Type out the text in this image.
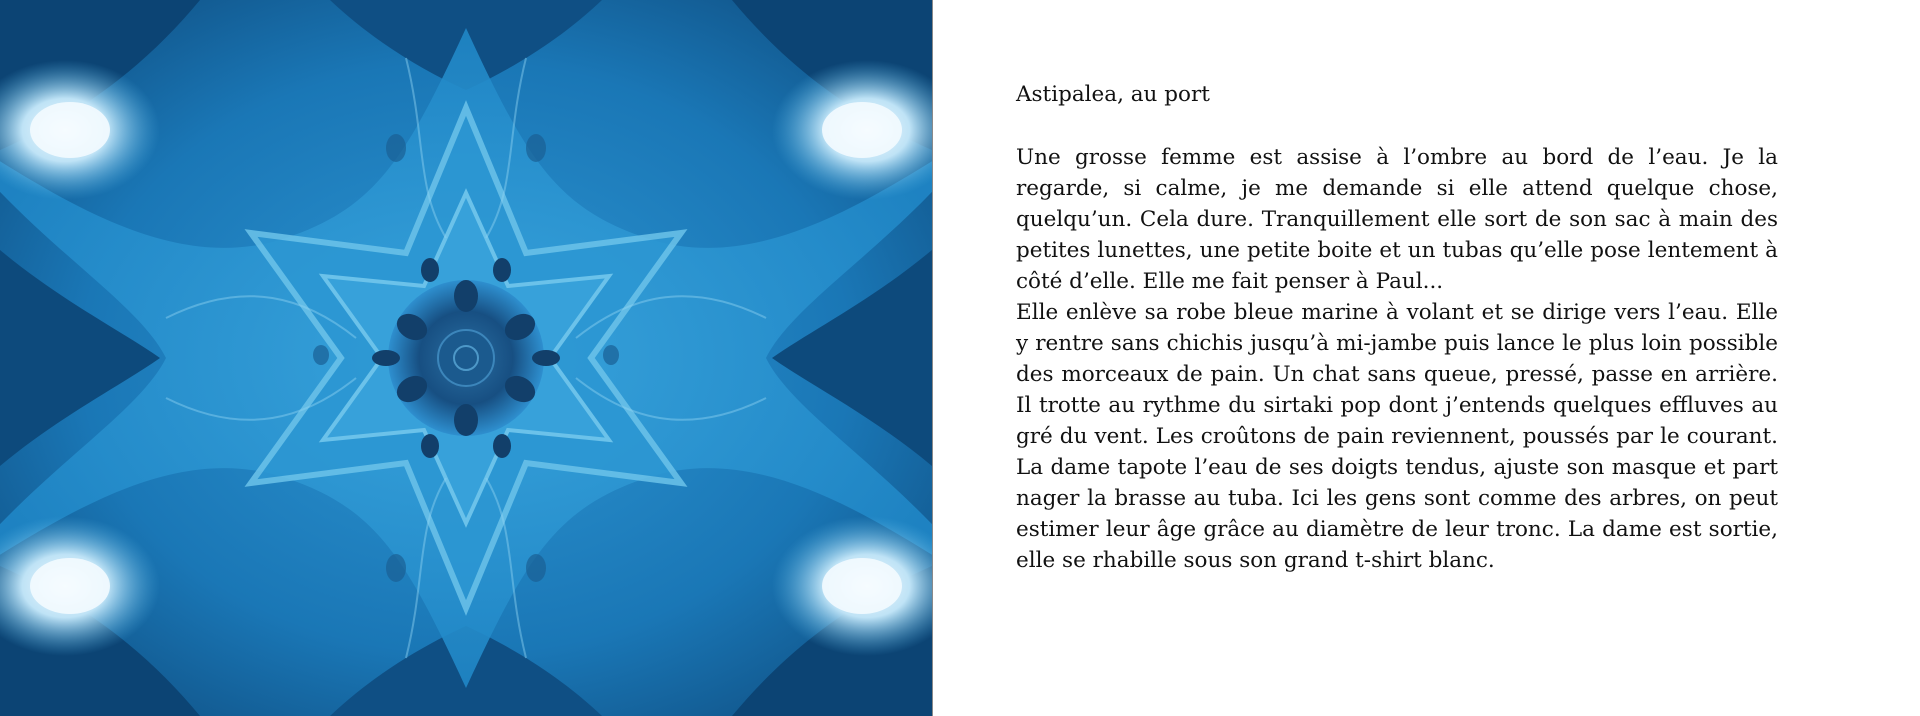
Astipalea, au port

Une grosse femme est assise à l’ombre au bord de l’eau. Je la regarde, si calme, je me demande si elle attend quelque chose, quelqu’un. Cela dure. Tranquillement elle sort de son sac à main des petites lunettes, une petite boite et un tubas qu’elle pose lentement à côté d’elle. Elle me fait penser à Paul...

Elle enlève sa robe bleue marine à volant et se dirige vers l’eau. Elle y rentre sans chichis jusqu’à mi-jambe puis lance le plus loin possible des morceaux de pain. Un chat sans queue, pressé, passe en arrière. Il trotte au rythme du sirtaki pop dont j’entends quelques effluves au gré du vent. Les croûtons de pain reviennent, poussés par le courant. La dame tapote l’eau de ses doigts tendus, ajuste son masque et part nager la brasse au tuba. Ici les gens sont comme des arbres, on peut estimer leur âge grâce au diamètre de leur tronc. La dame est sortie, elle se rhabille sous son grand t-shirt blanc.
